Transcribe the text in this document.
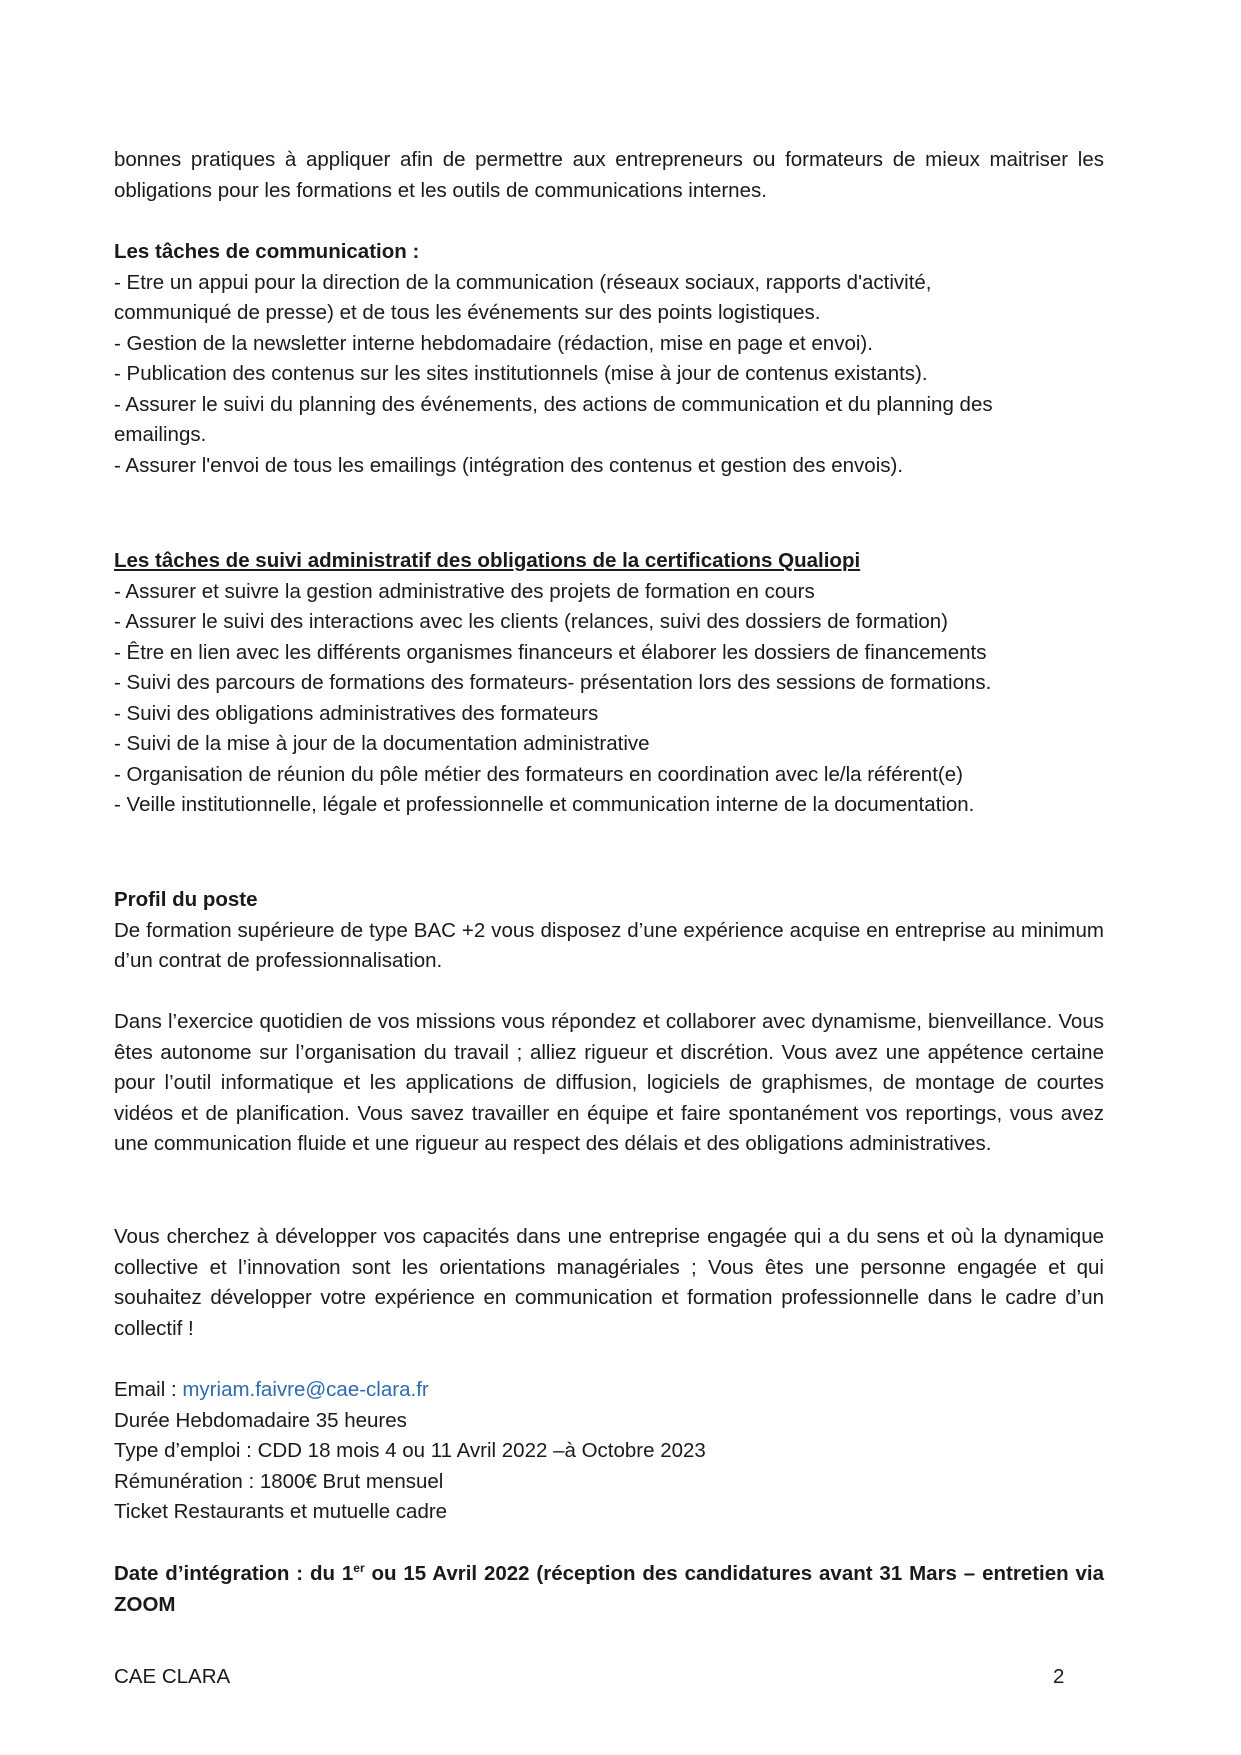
bonnes pratiques à appliquer afin de permettre aux entrepreneurs ou formateurs de mieux maitriser les obligations pour les formations et les outils de communications internes.

Les tâches de communication :
- Etre un appui pour la direction de la communication (réseaux sociaux, rapports d'activité,
communiqué de presse) et de tous les événements sur des points logistiques.
- Gestion de la newsletter interne hebdomadaire (rédaction, mise en page et envoi).
- Publication des contenus sur les sites institutionnels (mise à jour de contenus existants).
- Assurer le suivi du planning des événements, des actions de communication et du planning des
emailings.
- Assurer l'envoi de tous les emailings (intégration des contenus et gestion des envois).
Les tâches de suivi administratif des obligations de la certifications Qualiopi
- Assurer et suivre la gestion administrative des projets de formation en cours
- Assurer le suivi des interactions avec les clients (relances, suivi des dossiers de formation)
- Être en lien avec les différents organismes financeurs et élaborer les dossiers de financements
- Suivi des parcours de formations des formateurs- présentation lors des sessions de formations.
- Suivi des obligations administratives des formateurs
- Suivi de la mise à jour de la documentation administrative
- Organisation de réunion du pôle métier des formateurs en coordination avec le/la référent(e)
- Veille institutionnelle, légale et professionnelle et communication interne de la documentation.
Profil du poste

De formation supérieure de type BAC +2 vous disposez d’une expérience acquise en entreprise au minimum d’un contrat de professionnalisation.

Dans l’exercice quotidien de vos missions vous répondez et collaborer avec dynamisme, bienveillance. Vous êtes autonome sur l’organisation du travail ; alliez rigueur et discrétion. Vous avez une appétence certaine pour l’outil informatique et les applications de diffusion, logiciels de graphismes, de montage de courtes vidéos et de planification. Vous savez travailler en équipe et faire spontanément vos reportings, vous avez une communication fluide et une rigueur au respect des délais et des obligations administratives.

Vous cherchez à développer vos capacités dans une entreprise engagée qui a du sens et où la dynamique collective et l’innovation sont les orientations managériales ; Vous êtes une personne engagée et qui souhaitez développer votre expérience en communication et formation professionnelle dans le cadre d’un collectif !

Email : myriam.faivre@cae-clara.fr
Durée Hebdomadaire 35 heures
Type d’emploi : CDD 18 mois 4 ou 11 Avril 2022 –à Octobre 2023
Rémunération : 1800€ Brut mensuel
Ticket Restaurants et mutuelle cadre

Date d’intégration : du 1er ou 15 Avril 2022 (réception des candidatures avant 31 Mars – entretien via ZOOM

CAE CLARA	2
